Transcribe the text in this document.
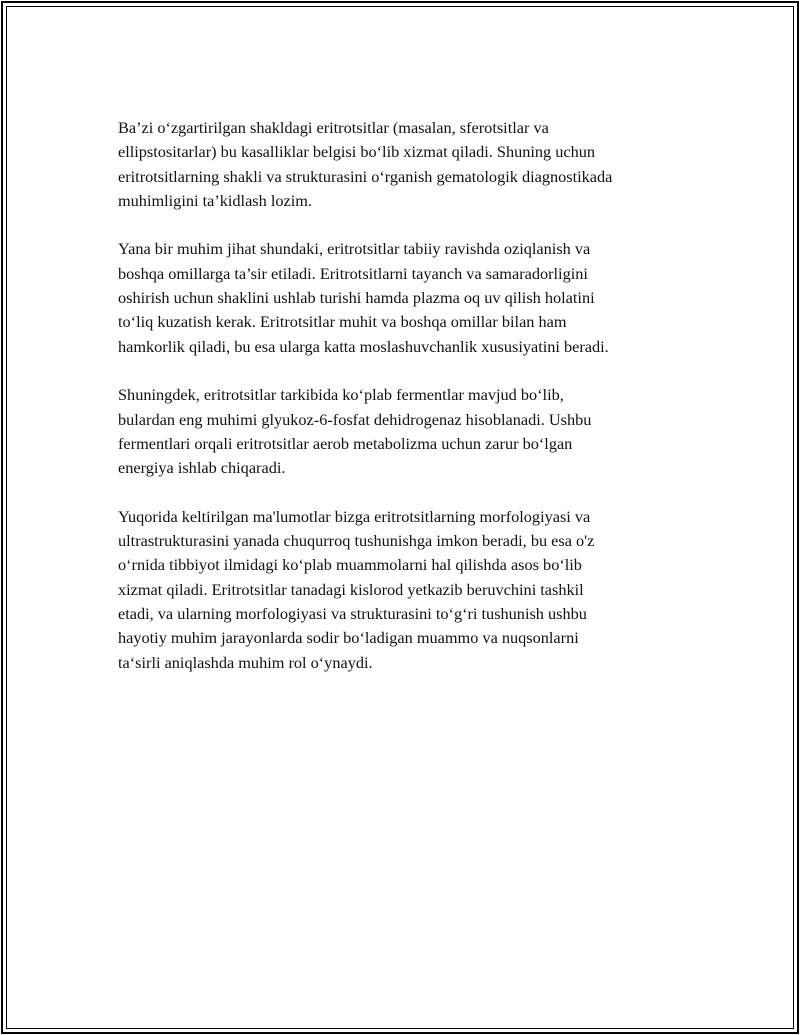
Ba’zi o‘zgartirilgan shakldagi eritrotsitlar (masalan, sferotsitlar va
ellipstositarlar) bu kasalliklar belgisi bo‘lib xizmat qiladi. Shuning uchun
eritrotsitlarning shakli va strukturasini o‘rganish gematologik diagnostikada
muhimligini ta’kidlash lozim.

Yana bir muhim jihat shundaki, eritrotsitlar tabiiy ravishda oziqlanish va
boshqa omillarga ta’sir etiladi. Eritrotsitlarni tayanch va samaradorligini
oshirish uchun shaklini ushlab turishi hamda plazma oq uv qilish holatini
to‘liq kuzatish kerak. Eritrotsitlar muhit va boshqa omillar bilan ham
hamkorlik qiladi, bu esa ularga katta moslashuvchanlik xususiyatini beradi.

Shuningdek, eritrotsitlar tarkibida ko‘plab fermentlar mavjud bo‘lib,
bulardan eng muhimi glyukoz-6-fosfat dehidrogenaz hisoblanadi. Ushbu
fermentlari orqali eritrotsitlar aerob metabolizma uchun zarur bo‘lgan
energiya ishlab chiqaradi.

Yuqorida keltirilgan ma'lumotlar bizga eritrotsitlarning morfologiyasi va
ultrastrukturasini yanada chuqurroq tushunishga imkon beradi, bu esa o'z
o‘rnida tibbiyot ilmidagi ko‘plab muammolarni hal qilishda asos bo‘lib
xizmat qiladi. Eritrotsitlar tanadagi kislorod yetkazib beruvchini tashkil
etadi, va ularning morfologiyasi va strukturasini to‘g‘ri tushunish ushbu
hayotiy muhim jarayonlarda sodir bo‘ladigan muammo va nuqsonlarni
ta‘sirli aniqlashda muhim rol o‘ynaydi.
